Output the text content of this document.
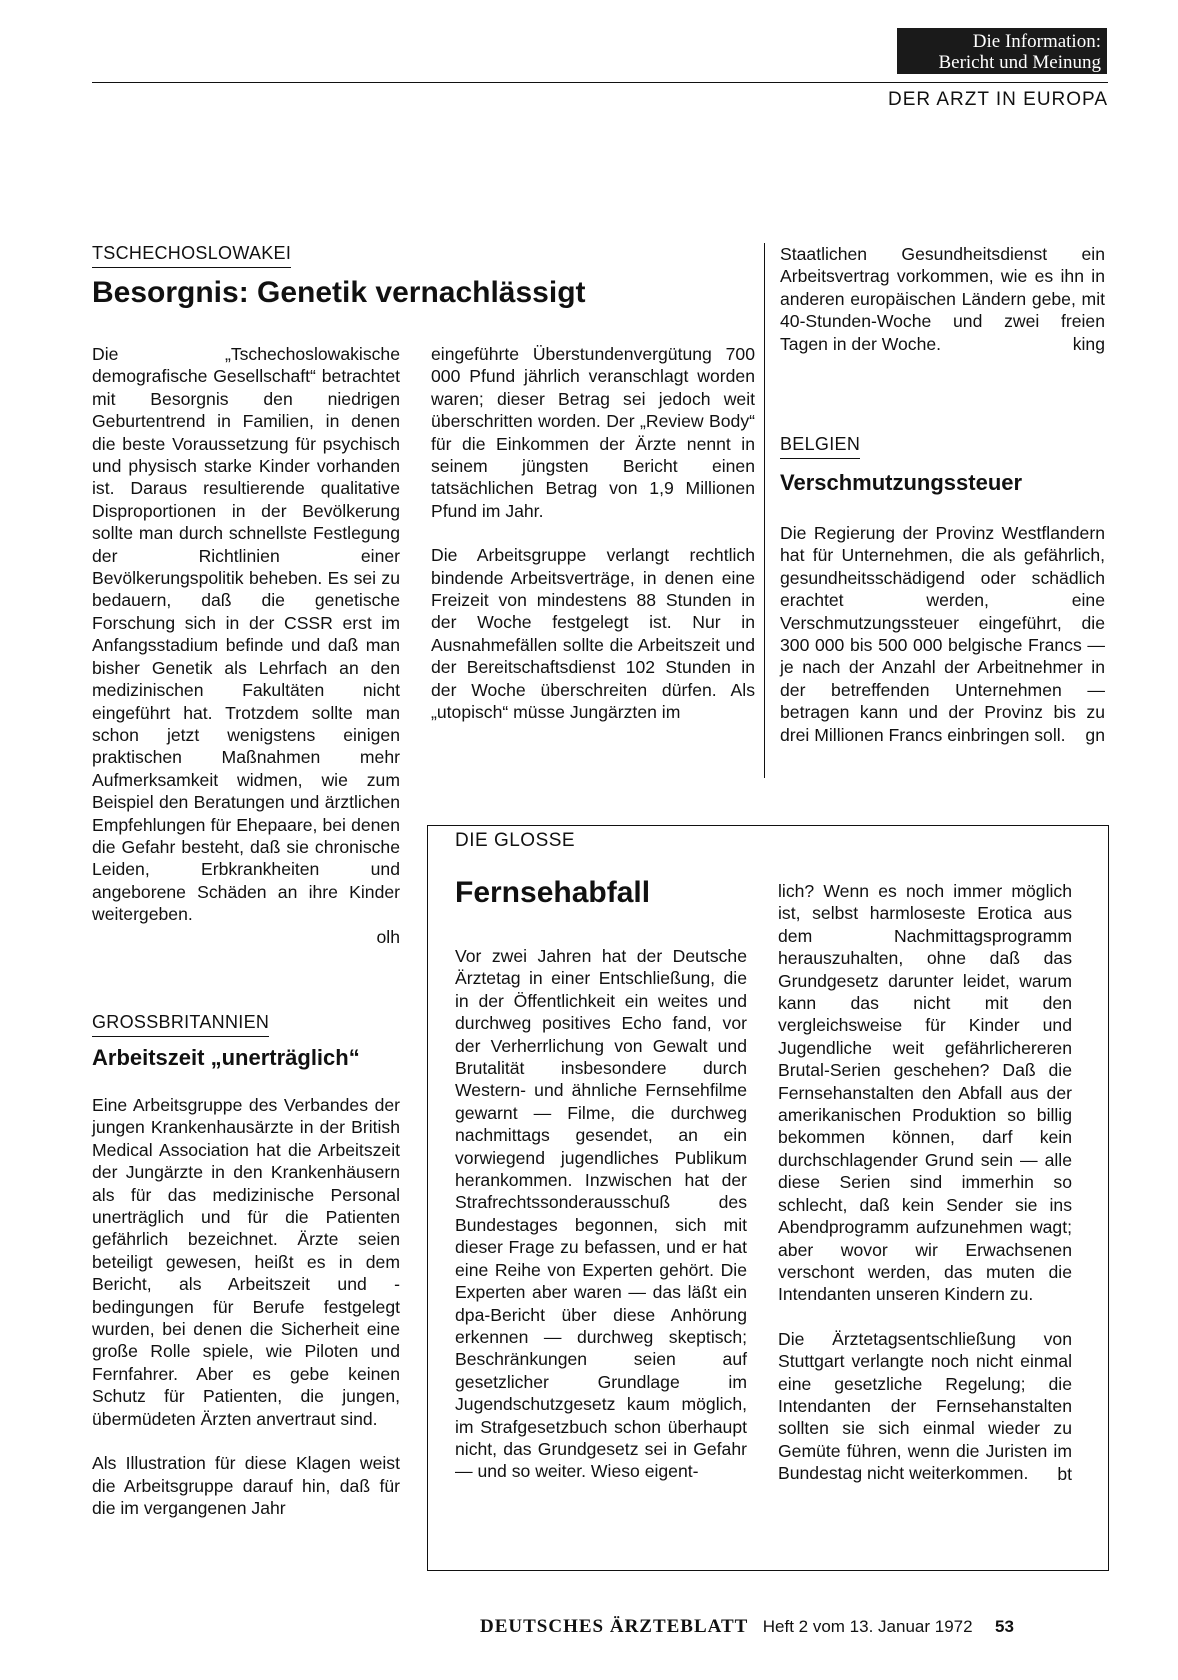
Die Information:
Bericht und Meinung
DER ARZT IN EUROPA
TSCHECHOSLOWAKEI
Besorgnis: Genetik vernachlässigt

Die „Tschechoslowakische demografische Gesellschaft“ betrachtet mit Besorgnis den niedrigen Geburtentrend in Familien, in denen die beste Voraussetzung für psychisch und physisch starke Kinder vorhanden ist. Daraus resultierende qualitative Disproportionen in der Bevölkerung sollte man durch schnellste Festlegung der Richtlinien einer Bevölkerungspolitik beheben. Es sei zu bedauern, daß die genetische Forschung sich in der CSSR erst im Anfangsstadium befinde und daß man bisher Genetik als Lehrfach an den medizinischen Fakultäten nicht eingeführt hat. Trotzdem sollte man schon jetzt wenigstens einigen praktischen Maßnahmen mehr Aufmerksamkeit widmen, wie zum Beispiel den Beratungen und ärztlichen Empfehlungen für Ehepaare, bei denen die Gefahr besteht, daß sie chronische Leiden, Erbkrankheiten und angeborene Schäden an ihre Kinder weitergeben.

olh
GROSSBRITANNIEN
Arbeitszeit „unerträglich“

Eine Arbeitsgruppe des Verbandes der jungen Krankenhausärzte in der British Medical Association hat die Arbeitszeit der Jungärzte in den Krankenhäusern als für das medizinische Personal unerträglich und für die Patienten gefährlich bezeichnet. Ärzte seien beteiligt gewesen, heißt es in dem Bericht, als Arbeitszeit und -bedingungen für Berufe festgelegt wurden, bei denen die Sicherheit eine große Rolle spiele, wie Piloten und Fernfahrer. Aber es gebe keinen Schutz für Patienten, die jungen, übermüdeten Ärzten anvertraut sind.

Als Illustration für diese Klagen weist die Arbeitsgruppe darauf hin, daß für die im vergangenen Jahr

eingeführte Überstundenvergütung 700 000 Pfund jährlich veranschlagt worden waren; dieser Betrag sei jedoch weit überschritten worden. Der „Review Body“ für die Einkommen der Ärzte nennt in seinem jüngsten Bericht einen tatsächlichen Betrag von 1,9 Millionen Pfund im Jahr.

Die Arbeitsgruppe verlangt rechtlich bindende Arbeitsverträge, in denen eine Freizeit von mindestens 88 Stunden in der Woche festgelegt ist. Nur in Ausnahmefällen sollte die Arbeitszeit und der Bereitschaftsdienst 102 Stunden in der Woche überschreiten dürfen. Als „utopisch“ müsse Jungärzten im

Staatlichen Gesundheitsdienst ein Arbeitsvertrag vorkommen, wie es ihn in anderen europäischen Ländern gebe, mit 40-Stunden-Woche und zwei freien Tagen in der Woche.	king
BELGIEN
Verschmutzungssteuer

Die Regierung der Provinz Westflandern hat für Unternehmen, die als gefährlich, gesundheitsschädigend oder schädlich erachtet werden, eine Verschmutzungssteuer eingeführt, die 300 000 bis 500 000 belgische Francs — je nach der Anzahl der Arbeitnehmer in der betreffenden Unternehmen — betragen kann und der Provinz bis zu drei Millionen Francs einbringen soll.	gn
DIE GLOSSE
Fernsehabfall

Vor zwei Jahren hat der Deutsche Ärztetag in einer Entschließung, die in der Öffentlichkeit ein weites und durchweg positives Echo fand, vor der Verherrlichung von Gewalt und Brutalität insbesondere durch Western- und ähnliche Fernsehfilme gewarnt — Filme, die durchweg nachmittags gesendet, an ein vorwiegend jugendliches Publikum herankommen. Inzwischen hat der Strafrechtssonderausschuß des Bundestages begonnen, sich mit dieser Frage zu befassen, und er hat eine Reihe von Experten gehört. Die Experten aber waren — das läßt ein dpa-Bericht über diese Anhörung erkennen — durchweg skeptisch; Beschränkungen seien auf gesetzlicher Grundlage im Jugendschutzgesetz kaum möglich, im Strafgesetzbuch schon überhaupt nicht, das Grundgesetz sei in Gefahr — und so weiter. Wieso eigent-

lich? Wenn es noch immer möglich ist, selbst harmloseste Erotica aus dem Nachmittagsprogramm herauszuhalten, ohne daß das Grundgesetz darunter leidet, warum kann das nicht mit den vergleichsweise für Kinder und Jugendliche weit gefährlichereren Brutal-Serien geschehen? Daß die Fernsehanstalten den Abfall aus der amerikanischen Produktion so billig bekommen können, darf kein durchschlagender Grund sein — alle diese Serien sind immerhin so schlecht, daß kein Sender sie ins Abendprogramm aufzunehmen wagt; aber wovor wir Erwachsenen verschont werden, das muten die Intendanten unseren Kindern zu.

Die Ärztetagsentschließung von Stuttgart verlangte noch nicht einmal eine gesetzliche Regelung; die Intendanten der Fernsehanstalten sollten sie sich einmal wieder zu Gemüte führen, wenn die Juristen im Bundestag nicht weiterkommen.	bt
DEUTSCHES ÄRZTEBLATT Heft 2 vom 13. Januar 1972 53
